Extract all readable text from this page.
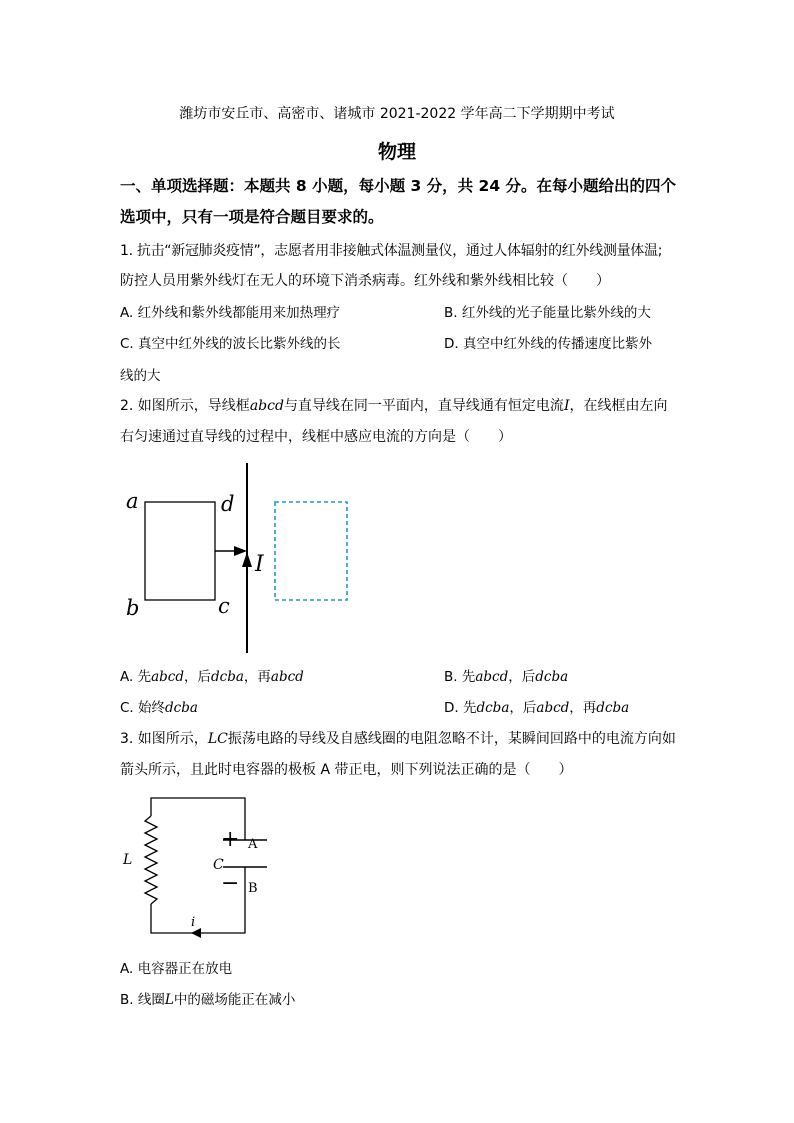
潍坊市安丘市、高密市、诸城市 2021-2022 学年高二下学期期中考试
物理
一、单项选择题：本题共 8 小题，每小题 3 分，共 24 分。在每小题给出的四个
选项中，只有一项是符合题目要求的。
1. 抗击“新冠肺炎疫情”，志愿者用非接触式体温测量仪，通过人体辐射的红外线测量体温;
防控人员用紫外线灯在无人的环境下消杀病毒。红外线和紫外线相比较（　　）
A. 红外线和紫外线都能用来加热理疗	B. 红外线的光子能量比紫外线的大
C. 真空中红外线的波长比紫外线的长	D. 真空中红外线的传播速度比紫外
线的大
2. 如图所示，导线框abcd与直导线在同一平面内，直导线通有恒定电流I，在线框由左向
右匀速通过直导线的过程中，线框中感应电流的方向是（　　）
a	d
b	c
I
A. 先abcd，后dcba，再abcd	B. 先abcd，后dcba
C. 始终dcba	D. 先dcba，后abcd，再dcba
3. 如图所示，LC振荡电路的导线及自感线圈的电阻忽略不计，某瞬间回路中的电流方向如
箭头所示，且此时电容器的极板 A 带正电，则下列说法正确的是（　　）
L	C
A
B
+
−
i
A. 电容器正在放电
B. 线圈L中的磁场能正在减小
